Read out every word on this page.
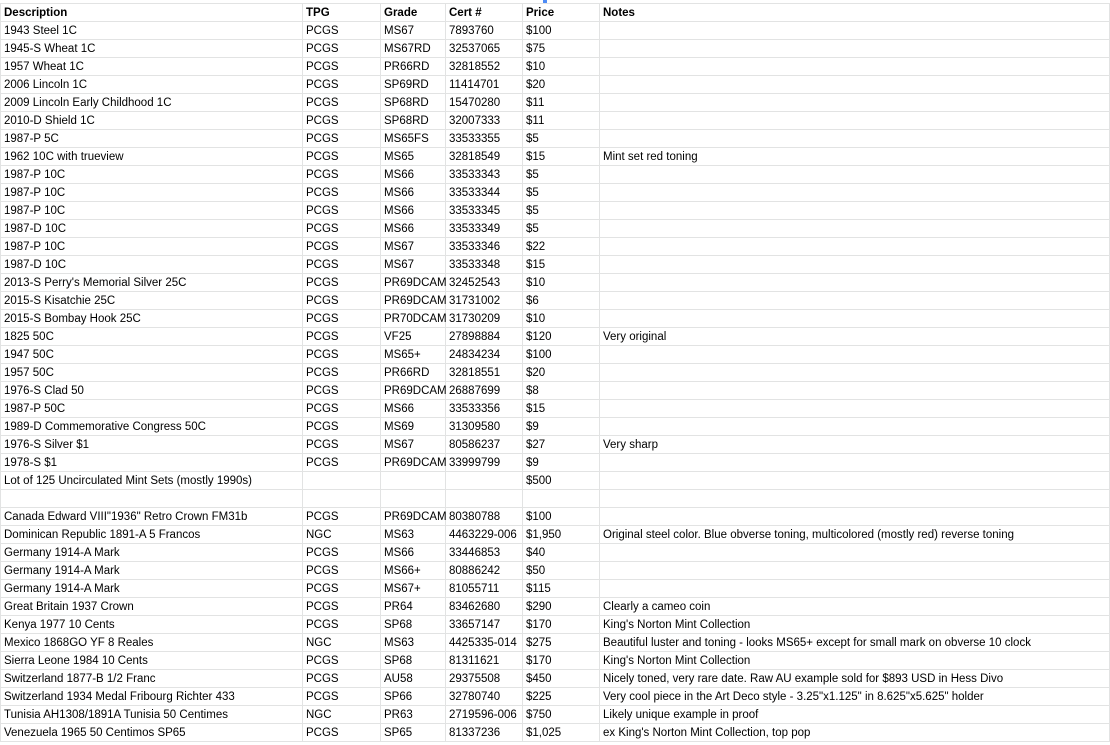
Description	TPG	Grade	Cert #	Price	Notes
1943 Steel 1C	PCGS	MS67	7893760	$100	
1945-S Wheat 1C	PCGS	MS67RD	32537065	$75	
1957 Wheat 1C	PCGS	PR66RD	32818552	$10	
2006 Lincoln 1C	PCGS	SP69RD	11414701	$20	
2009 Lincoln Early Childhood 1C	PCGS	SP68RD	15470280	$11	
2010-D Shield 1C	PCGS	SP68RD	32007333	$11	
1987-P 5C	PCGS	MS65FS	33533355	$5	
1962 10C with trueview	PCGS	MS65	32818549	$15	Mint set red toning
1987-P 10C	PCGS	MS66	33533343	$5	
1987-P 10C	PCGS	MS66	33533344	$5	
1987-P 10C	PCGS	MS66	33533345	$5	
1987-D 10C	PCGS	MS66	33533349	$5	
1987-P 10C	PCGS	MS67	33533346	$22	
1987-D 10C	PCGS	MS67	33533348	$15	
2013-S Perry's Memorial Silver 25C	PCGS	PR69DCAM	32452543	$10	
2015-S Kisatchie 25C	PCGS	PR69DCAM	31731002	$6	
2015-S Bombay Hook 25C	PCGS	PR70DCAM	31730209	$10	
1825 50C	PCGS	VF25	27898884	$120	Very original
1947 50C	PCGS	MS65+	24834234	$100	
1957 50C	PCGS	PR66RD	32818551	$20	
1976-S Clad 50	PCGS	PR69DCAM	26887699	$8	
1987-P 50C	PCGS	MS66	33533356	$15	
1989-D Commemorative Congress 50C	PCGS	MS69	31309580	$9	
1976-S Silver $1	PCGS	MS67	80586237	$27	Very sharp
1978-S $1	PCGS	PR69DCAM	33999799	$9	
Lot of 125 Uncirculated Mint Sets (mostly 1990s)				$500	

Canada Edward VIII"1936" Retro Crown FM31b	PCGS	PR69DCAM	80380788	$100	
Dominican Republic 1891-A 5 Francos	NGC	MS63	4463229-006	$1,950	Original steel color. Blue obverse toning, multicolored (mostly red) reverse toning
Germany 1914-A Mark	PCGS	MS66	33446853	$40	
Germany 1914-A Mark	PCGS	MS66+	80886242	$50	
Germany 1914-A Mark	PCGS	MS67+	81055711	$115	
Great Britain 1937 Crown	PCGS	PR64	83462680	$290	Clearly a cameo coin
Kenya 1977 10 Cents	PCGS	SP68	33657147	$170	King's Norton Mint Collection
Mexico 1868GO YF 8 Reales	NGC	MS63	4425335-014	$275	Beautiful luster and toning - looks MS65+ except for small mark on obverse 10 clock
Sierra Leone 1984 10 Cents	PCGS	SP68	81311621	$170	King's Norton Mint Collection
Switzerland 1877-B 1/2 Franc	PCGS	AU58	29375508	$450	Nicely toned, very rare date. Raw AU example sold for $893 USD in Hess Divo
Switzerland 1934 Medal Fribourg Richter 433	PCGS	SP66	32780740	$225	Very cool piece in the Art Deco style - 3.25"x1.125" in 8.625"x5.625" holder
Tunisia AH1308/1891A Tunisia 50 Centimes	NGC	PR63	2719596-006	$750	Likely unique example in proof
Venezuela 1965 50 Centimos SP65	PCGS	SP65	81337236	$1,025	ex King's Norton Mint Collection, top pop
